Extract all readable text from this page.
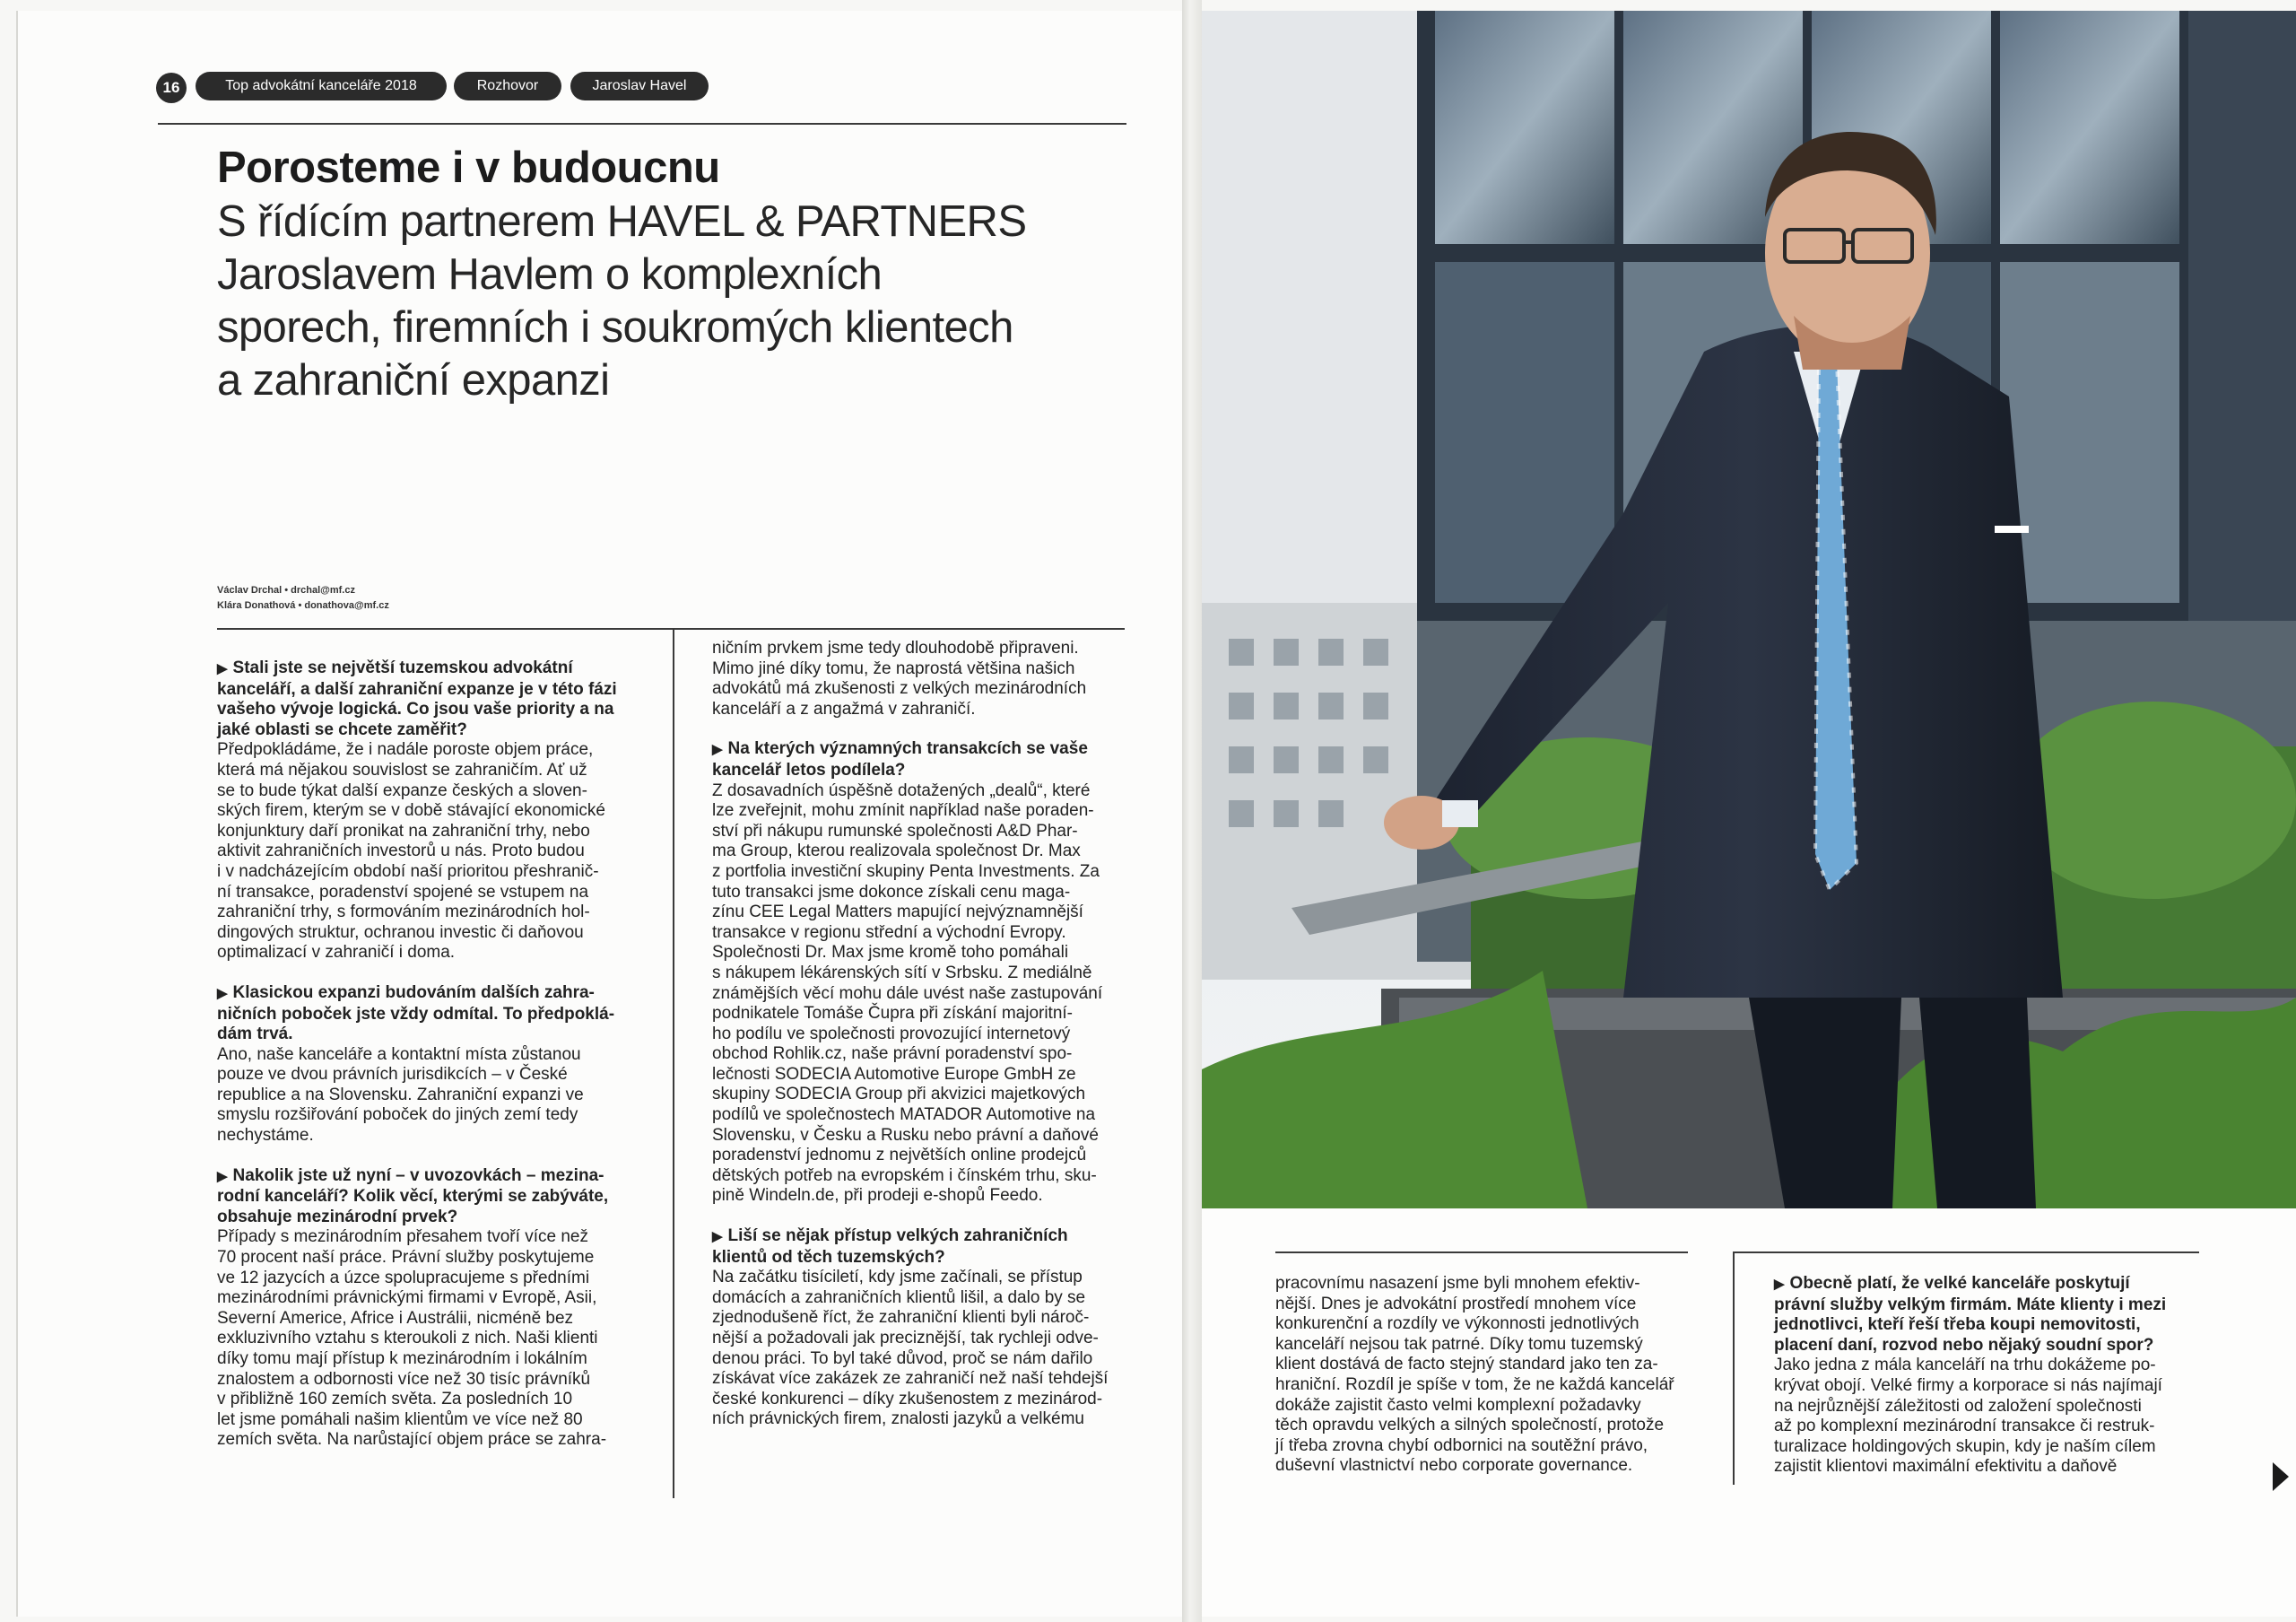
16	Top advokátní kanceláře 2018	Rozhovor	Jaroslav Havel
Porosteme i v budoucnu
S řídícím partnerem HAVEL & PARTNERS
Jaroslavem Havlem o komplexních
sporech, firemních i soukromých klientech
a zahraniční expanzi
Václav Drchal • drchal@mf.cz
Klára Donathová • donathova@mf.cz

▶ Stali jste se největší tuzemskou advokátní
kanceláří, a další zahraniční expanze je v této fázi
vašeho vývoje logická. Co jsou vaše priority a na
jaké oblasti se chcete zaměřit?

Předpokládáme, že i nadále poroste objem práce,
která má nějakou souvislost se zahraničím. Ať už
se to bude týkat další expanze českých a sloven-
ských firem, kterým se v době stávající ekonomické
konjunktury daří pronikat na zahraniční trhy, nebo
aktivit zahraničních investorů u nás. Proto budou
i v nadcházejícím období naší prioritou přeshranič-
ní transakce, poradenství spojené se vstupem na
zahraniční trhy, s formováním mezinárodních hol-
dingových struktur, ochranou investic či daňovou
optimalizací v zahraničí i doma.

▶ Klasickou expanzi budováním dalších zahra-
ničních poboček jste vždy odmítal. To předpoklá-
dám trvá.

Ano, naše kanceláře a kontaktní místa zůstanou
pouze ve dvou právních jurisdikcích – v České
republice a na Slovensku. Zahraniční expanzi ve
smyslu rozšiřování poboček do jiných zemí tedy
nechystáme.

▶ Nakolik jste už nyní – v uvozovkách – mezina-
rodní kanceláří? Kolik věcí, kterými se zabýváte,
obsahuje mezinárodní prvek?

Případy s mezinárodním přesahem tvoří více než
70 procent naší práce. Právní služby poskytujeme
ve 12 jazycích a úzce spolupracujeme s předními
mezinárodními právnickými firmami v Evropě, Asii,
Severní Americe, Africe i Austrálii, nicméně bez
exkluzivního vztahu s kteroukoli z nich. Naši klienti
díky tomu mají přístup k mezinárodním i lokálním
znalostem a odbornosti více než 30 tisíc právníků
v přibližně 160 zemích světa. Za posledních 10
let jsme pomáhali našim klientům ve více než 80
zemích světa. Na narůstající objem práce se zahra-

ničním prvkem jsme tedy dlouhodobě připraveni.
Mimo jiné díky tomu, že naprostá většina našich
advokátů má zkušenosti z velkých mezinárodních
kanceláří a z angažmá v zahraničí.

▶ Na kterých významných transakcích se vaše
kancelář letos podílela?

Z dosavadních úspěšně dotažených „dealů“, které
lze zveřejnit, mohu zmínit například naše poraden-
ství při nákupu rumunské společnosti A&D Phar-
ma Group, kterou realizovala společnost Dr. Max
z portfolia investiční skupiny Penta Investments. Za
tuto transakci jsme dokonce získali cenu maga-
zínu CEE Legal Matters mapující nejvýznamnější
transakce v regionu střední a východní Evropy.
Společnosti Dr. Max jsme kromě toho pomáhali
s nákupem lékárenských sítí v Srbsku. Z mediálně
známějších věcí mohu dále uvést naše zastupování
podnikatele Tomáše Čupra při získání majoritní-
ho podílu ve společnosti provozující internetový
obchod Rohlik.cz, naše právní poradenství spo-
lečnosti SODECIA Automotive Europe GmbH ze
skupiny SODECIA Group při akvizici majetkových
podílů ve společnostech MATADOR Automotive na
Slovensku, v Česku a Rusku nebo právní a daňové
poradenství jednomu z největších online prodejců
dětských potřeb na evropském i čínském trhu, sku-
pině Windeln.de, při prodeji e-shopů Feedo.

▶ Liší se nějak přístup velkých zahraničních
klientů od těch tuzemských?

Na začátku tisíciletí, kdy jsme začínali, se přístup
domácích a zahraničních klientů lišil, a dalo by se
zjednodušeně říct, že zahraniční klienti byli nároč-
nější a požadovali jak preciznější, tak rychleji odve-
denou práci. To byl také důvod, proč se nám dařilo
získávat více zakázek ze zahraničí než naší tehdejší
české konkurenci – díky zkušenostem z mezinárod-
ních právnických firem, znalosti jazyků a velkému

pracovnímu nasazení jsme byli mnohem efektiv-
nější. Dnes je advokátní prostředí mnohem více
konkurenční a rozdíly ve výkonnosti jednotlivých
kanceláří nejsou tak patrné. Díky tomu tuzemský
klient dostává de facto stejný standard jako ten za-
hraniční. Rozdíl je spíše v tom, že ne každá kancelář
dokáže zajistit často velmi komplexní požadavky
těch opravdu velkých a silných společností, protože
jí třeba zrovna chybí odbornici na soutěžní právo,
duševní vlastnictví nebo corporate governance.

▶ Obecně platí, že velké kanceláře poskytují
právní služby velkým firmám. Máte klienty i mezi
jednotlivci, kteří řeší třeba koupi nemovitosti,
placení daní, rozvod nebo nějaký soudní spor?

Jako jedna z mála kanceláří na trhu dokážeme po-
krývat obojí. Velké firmy a korporace si nás najímají
na nejrůznější záležitosti od založení společnosti
až po komplexní mezinárodní transakce či restruk-
turalizace holdingových skupin, kdy je naším cílem
zajistit klientovi maximální efektivitu a daňově
